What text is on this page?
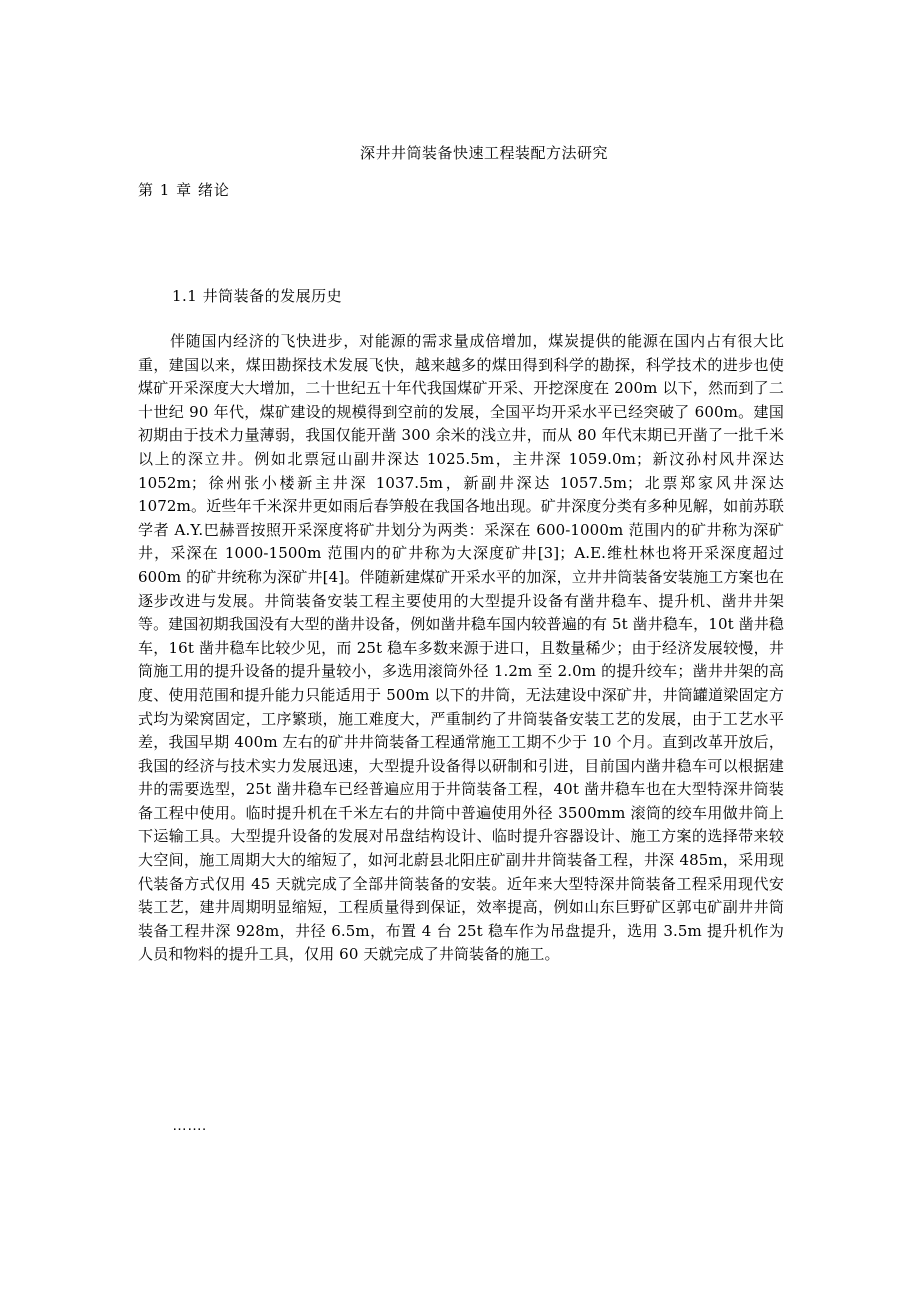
深井井筒装备快速工程装配方法研究
第 1 章 绪论
1.1 井筒装备的发展历史

伴随国内经济的飞快进步，对能源的需求量成倍增加，煤炭提供的能源在国内占有很大比重，建国以来，煤田勘探技术发展飞快，越来越多的煤田得到科学的勘探，科学技术的进步也使煤矿开采深度大大增加，二十世纪五十年代我国煤矿开采、开挖深度在 200m 以下，然而到了二十世纪 90 年代，煤矿建设的规模得到空前的发展，全国平均开采水平已经突破了 600m。建国初期由于技术力量薄弱，我国仅能开凿 300 余米的浅立井，而从 80 年代末期已开凿了一批千米以上的深立井。例如北票冠山副井深达 1025.5m，主井深 1059.0m；新汶孙村风井深达 1052m；徐州张小楼新主井深 1037.5m，新副井深达 1057.5m；北票郑家风井深达 1072m。近些年千米深井更如雨后春笋般在我国各地出现。矿井深度分类有多种见解，如前苏联学者 A.Y.巴赫晋按照开采深度将矿井划分为两类：采深在 600-1000m 范围内的矿井称为深矿井，采深在 1000-1500m 范围内的矿井称为大深度矿井[3]；A.E.维杜林也将开采深度超过 600m 的矿井统称为深矿井[4]。伴随新建煤矿开采水平的加深，立井井筒装备安装施工方案也在逐步改进与发展。井筒装备安装工程主要使用的大型提升设备有凿井稳车、提升机、凿井井架等。建国初期我国没有大型的凿井设备，例如凿井稳车国内较普遍的有 5t 凿井稳车，10t 凿井稳车，16t 凿井稳车比较少见，而 25t 稳车多数来源于进口，且数量稀少；由于经济发展较慢，井筒施工用的提升设备的提升量较小，多选用滚筒外径 1.2m 至 2.0m 的提升绞车；凿井井架的高度、使用范围和提升能力只能适用于 500m 以下的井筒，无法建设中深矿井，井筒罐道梁固定方式均为梁窝固定，工序繁琐，施工难度大，严重制约了井筒装备安装工艺的发展，由于工艺水平差，我国早期 400m 左右的矿井井筒装备工程通常施工工期不少于 10 个月。直到改革开放后，我国的经济与技术实力发展迅速，大型提升设备得以研制和引进，目前国内凿井稳车可以根据建井的需要选型，25t 凿井稳车已经普遍应用于井筒装备工程，40t 凿井稳车也在大型特深井筒装备工程中使用。临时提升机在千米左右的井筒中普遍使用外径 3500mm 滚筒的绞车用做井筒上下运输工具。大型提升设备的发展对吊盘结构设计、临时提升容器设计、施工方案的选择带来较大空间，施工周期大大的缩短了，如河北蔚县北阳庄矿副井井筒装备工程，井深 485m，采用现代装备方式仅用 45 天就完成了全部井筒装备的安装。近年来大型特深井筒装备工程采用现代安装工艺，建井周期明显缩短，工程质量得到保证，效率提高，例如山东巨野矿区郭屯矿副井井筒装备工程井深 928m，井径 6.5m，布置 4 台 25t 稳车作为吊盘提升，选用 3.5m 提升机作为人员和物料的提升工具，仅用 60 天就完成了井筒装备的施工。

…….
